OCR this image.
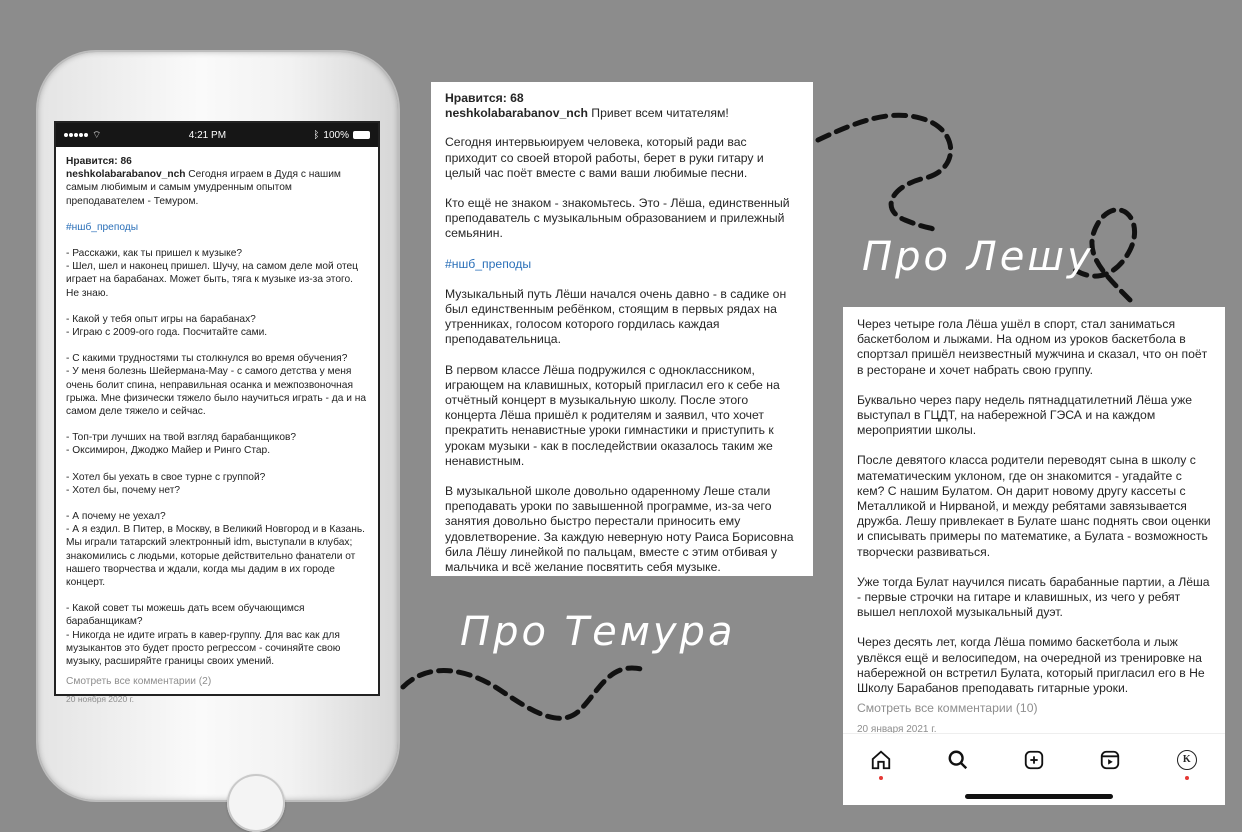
⌔	4:21 PM	ᛒ 100%
Нравится: 86

neshkolabarabanov_nch Сегодня играем в Дудя с нашим самым любимым и самым умудренным опытом преподавателем - Темуром.

#ншб_преподы

- Расскажи, как ты пришел к музыке?
- Шел, шел и наконец пришел. Шучу, на самом деле мой отец играет на барабанах. Может быть, тяга к музыке из-за этого. Не знаю.

- Какой у тебя опыт игры на барабанах?
- Играю с 2009-ого года. Посчитайте сами.

- С какими трудностями ты столкнулся во время обучения?
- У меня болезнь Шейермана-Мау - с самого детства у меня очень болит спина, неправильная осанка и межпозвоночная грыжа. Мне физически тяжело было научиться играть - да и на самом деле тяжело и сейчас.

- Топ-три лучших на твой взгляд барабанщиков?
- Оксимирон, Джоджо Майер и Ринго Стар.

- Хотел бы уехать в свое турне с группой?
- Хотел бы, почему нет?

- А почему не уехал?
- А я ездил. В Питер, в Москву, в Великий Новгород и в Казань. Мы играли татарский электронный idm, выступали в клубах; знакомились с людьми, которые действительно фанатели от нашего творчества и ждали, когда мы дадим в их городе концерт.

- Какой совет ты можешь дать всем обучающимся барабанщикам?
- Никогда не идите играть в кавер-группу. Для вас как для музыкантов это будет просто регрессом - сочиняйте свою музыку, расширяйте границы своих умений.

Смотреть все комментарии (2)
20 ноября 2020 г.
Нравится: 68

neshkolabarabanov_nch Привет всем читателям!

Сегодня интервьюируем человека, который ради вас приходит со своей второй работы, берет в руки гитару и целый час поёт вместе с вами ваши любимые песни.

Кто ещё не знаком - знакомьтесь. Это - Лёша, единственный преподаватель с музыкальным образованием и прилежный семьянин.

#ншб_преподы

Музыкальный путь Лёши начался очень давно - в садике он был единственным ребёнком, стоящим в первых рядах на утренниках, голосом которого гордилась каждая преподавательница.

В первом классе Лёша подружился с одноклассником, играющем на клавишных, который пригласил его к себе на отчётный концерт в музыкальную школу. После этого концерта Лёша пришёл к родителям и заявил, что хочет прекратить ненавистные уроки гимнастики и приступить к урокам музыки - как в последействии оказалось таким же ненавистным.

В музыкальной школе довольно одаренному Леше стали преподавать уроки по завышенной программе, из-за чего занятия довольно быстро перестали приносить ему удовлетворение. За каждую неверную ноту Раиса Борисовна била Лёшу линейкой по пальцам, вместе с этим отбивая у мальчика и всё желание посвятить себя музыке.

Через четыре гола Лёша ушёл в спорт, стал заниматься баскетболом и лыжами. На одном из уроков баскетбола в спортзал пришёл неизвестный мужчина и сказал, что он поёт в ресторане и хочет набрать свою группу.

Буквально через пару недель пятнадцатилетний Лёша уже выступал в ГЦДТ, на набережной ГЭСА и на каждом мероприятии школы.

После девятого класса родители переводят сына в школу с математическим уклоном, где он знакомится - угадайте с кем? С нашим Булатом. Он дарит новому другу кассеты с Металликой и Нирваной, и между ребятами завязывается дружба. Лешу привлекает в Булате шанс поднять свои оценки и списывать примеры по математике, а Булата - возможность творчески развиваться.

Уже тогда Булат научился писать барабанные партии, а Лёша - первые строчки на гитаре и клавишных, из чего у ребят вышел неплохой музыкальный дуэт.

Через десять лет, когда Лёша помимо баскетбола и лыж увлёкся ещё и велосипедом, на очередной из тренировке на набережной он встретил Булата, который пригласил его в Не Школу Барабанов преподавать гитарные уроки.

Смотреть все комментарии (10)
20 января 2021 г.
K
Про Лешу
Про Темура
